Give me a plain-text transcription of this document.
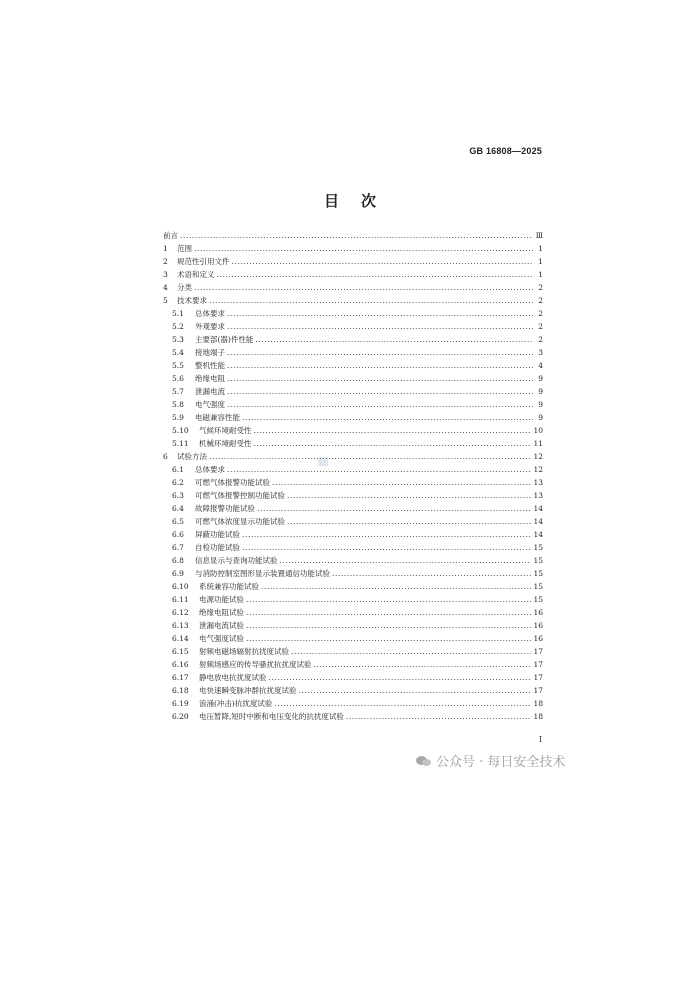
GB 16808—2025
目次
前言 .....	Ⅲ
1	范围 .....	1
2	规范性引用文件 .....	1
3	术语和定义 .....	1
4	分类 .....	2
5	技术要求 .....	2
5.1	总体要求 .....	2
5.2	外观要求 .....	2
5.3	主要部(器)件性能 .....	2
5.4	接地端子 .....	3
5.5	整机性能 .....	4
5.6	绝缘电阻 .....	9
5.7	泄漏电流 .....	9
5.8	电气强度 .....	9
5.9	电磁兼容性能 .....	9
5.10	气候环境耐受性 .....	10
5.11	机械环境耐受性 .....	11
6	试验方法 .....	12
6.1	总体要求 .....	12
6.2	可燃气体报警功能试验 .....	13
6.3	可燃气体报警控制功能试验 .....	13
6.4	故障报警功能试验 .....	14
6.5	可燃气体浓度显示功能试验 .....	14
6.6	屏蔽功能试验 .....	14
6.7	自检功能试验 .....	15
6.8	信息显示与查询功能试验 .....	15
6.9	与消防控制室图形显示装置通信功能试验 .....	15
6.10	系统兼容功能试验 .....	15
6.11	电源功能试验 .....	15
6.12	绝缘电阻试验 .....	16
6.13	泄漏电流试验 .....	16
6.14	电气强度试验 .....	16
6.15	射频电磁场辐射抗扰度试验 .....	17
6.16	射频场感应的传导骚扰抗扰度试验 .....	17
6.17	静电放电抗扰度试验 .....	17
6.18	电快速瞬变脉冲群抗扰度试验 .....	17
6.19	浪涌(冲击)抗扰度试验 .....	18
6.20	电压暂降,短时中断和电压变化的抗扰度试验 .....	18
Ⅰ
公众号 · 每日安全技术
